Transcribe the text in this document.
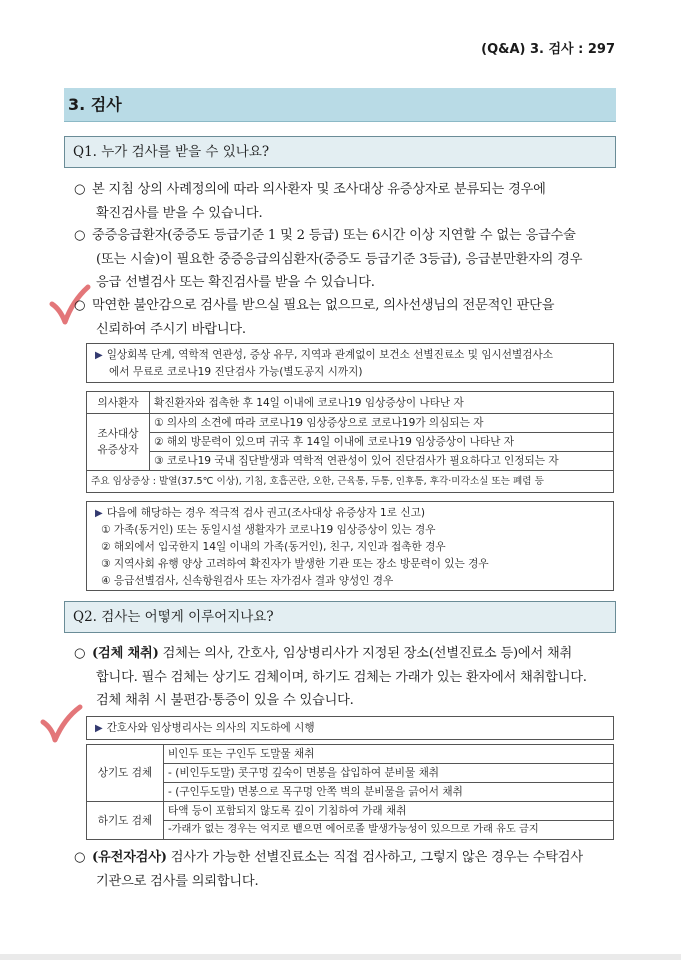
(Q&A) 3. 검사 : 297
3. 검사
Q1. 누가 검사를 받을 수 있나요?
○ 본 지침 상의 사례정의에 따라 의사환자 및 조사대상 유증상자로 분류되는 경우에
확진검사를 받을 수 있습니다.
○ 중증응급환자(중증도 등급기준 1 및 2 등급) 또는 6시간 이상 지연할 수 없는 응급수술
(또는 시술)이 필요한 중증응급의심환자(중증도 등급기준 3등급), 응급분만환자의 경우
응급 선별검사 또는 확진검사를 받을 수 있습니다.
○ 막연한 불안감으로 검사를 받으실 필요는 없으므로, 의사선생님의 전문적인 판단을
신뢰하여 주시기 바랍니다.
▶ 일상회복 단계, 역학적 연관성, 증상 유무, 지역과 관계없이 보건소 선별진료소 및 임시선별검사소
에서 무료로 코로나19 진단검사 가능(별도공지 시까지)
의사환자	확진환자와 접촉한 후 14일 이내에 코로나19 임상증상이 나타난 자

조사대상
유증상자	① 의사의 소견에 따라 코로나19 임상증상으로 코로나19가 의심되는 자
	② 해외 방문력이 있으며 귀국 후 14일 이내에 코로나19 임상증상이 나타난 자
	③ 코로나19 국내 집단발생과 역학적 연관성이 있어 진단검사가 필요하다고 인정되는 자
주요 임상증상 : 발열(37.5℃ 이상), 기침, 호흡곤란, 오한, 근육통, 두통, 인후통, 후각·미각소실 또는 폐렴 등	
▶ 다음에 해당하는 경우 적극적 검사 권고(조사대상 유증상자 1로 신고)
① 가족(동거인) 또는 동일시설 생활자가 코로나19 임상증상이 있는 경우
② 해외에서 입국한지 14일 이내의 가족(동거인), 친구, 지인과 접촉한 경우
③ 지역사회 유행 양상 고려하여 확진자가 발생한 기관 또는 장소 방문력이 있는 경우
④ 응급선별검사, 신속항원검사 또는 자가검사 결과 양성인 경우
Q2. 검사는 어떻게 이루어지나요?
○ (검체 채취) 검체는 의사, 간호사, 임상병리사가 지정된 장소(선별진료소 등)에서 채취
합니다. 필수 검체는 상기도 검체이며, 하기도 검체는 가래가 있는 환자에서 채취합니다.
검체 채취 시 불편감·통증이 있을 수 있습니다.
▶ 간호사와 임상병리사는 의사의 지도하에 시행
상기도 검체	비인두 또는 구인두 도말물 채취
	- (비인두도말) 콧구멍 깊숙이 면봉을 삽입하여 분비물 채취
	- (구인두도말) 면봉으로 목구멍 안쪽 벽의 분비물을 긁어서 채취
하기도 검체	타액 등이 포함되지 않도록 깊이 기침하여 가래 채취
	-가래가 없는 경우는 억지로 뱉으면 에어로졸 발생가능성이 있으므로 가래 유도 금지
○ (유전자검사) 검사가 가능한 선별진료소는 직접 검사하고, 그렇지 않은 경우는 수탁검사
기관으로 검사를 의뢰합니다.
